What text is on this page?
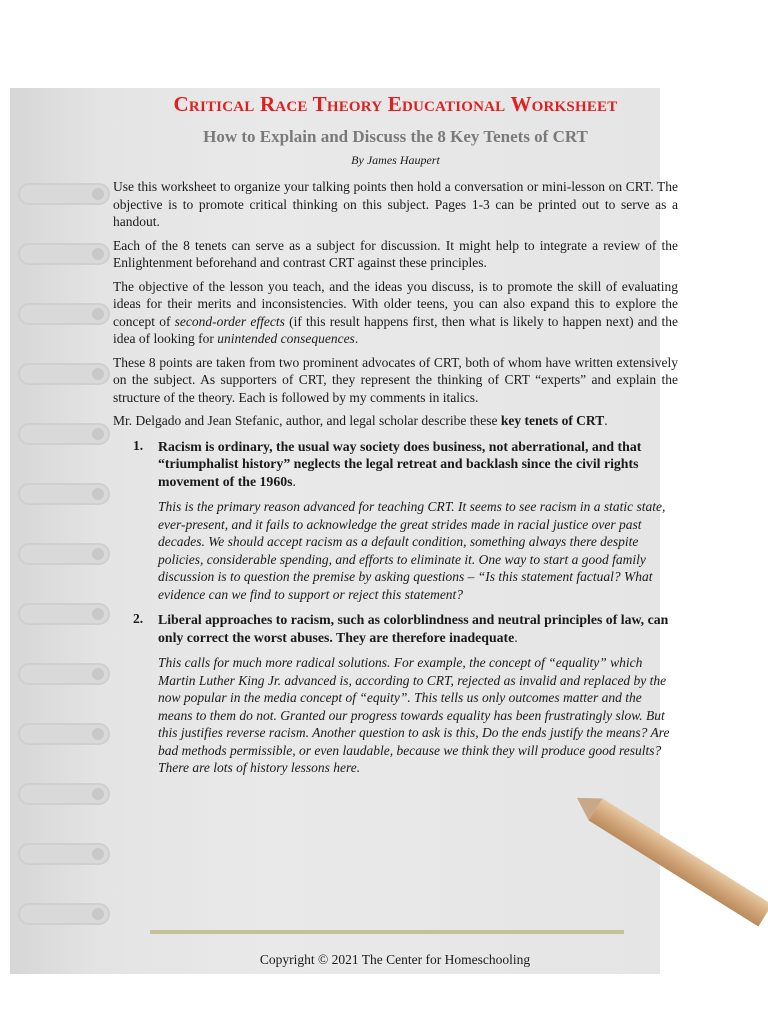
Critical Race Theory Educational Worksheet
How to Explain and Discuss the 8 Key Tenets of CRT
By James Haupert

Use this worksheet to organize your talking points then hold a conversation or mini-lesson on CRT. The objective is to promote critical thinking on this subject. Pages 1-3 can be printed out to serve as a handout.

Each of the 8 tenets can serve as a subject for discussion. It might help to integrate a review of the Enlightenment beforehand and contrast CRT against these principles.

The objective of the lesson you teach, and the ideas you discuss, is to promote the skill of evaluating ideas for their merits and inconsistencies. With older teens, you can also expand this to explore the concept of second-order effects (if this result happens first, then what is likely to happen next) and the idea of looking for unintended consequences.

These 8 points are taken from two prominent advocates of CRT, both of whom have written extensively on the subject. As supporters of CRT, they represent the thinking of CRT “experts” and explain the structure of the theory. Each is followed by my comments in italics.

Mr. Delgado and Jean Stefanic, author, and legal scholar describe these key tenets of CRT.

1. Racism is ordinary, the usual way society does business, not aberrational, and that “triumphalist history” neglects the legal retreat and backlash since the civil rights movement of the 1960s.

This is the primary reason advanced for teaching CRT. It seems to see racism in a static state, ever-present, and it fails to acknowledge the great strides made in racial justice over past decades. We should accept racism as a default condition, something always there despite policies, considerable spending, and efforts to eliminate it. One way to start a good family discussion is to question the premise by asking questions – “Is this statement factual? What evidence can we find to support or reject this statement?

2. Liberal approaches to racism, such as colorblindness and neutral principles of law, can only correct the worst abuses. They are therefore inadequate.

This calls for much more radical solutions. For example, the concept of “equality” which Martin Luther King Jr. advanced is, according to CRT, rejected as invalid and replaced by the now popular in the media concept of “equity”. This tells us only outcomes matter and the means to them do not. Granted our progress towards equality has been frustratingly slow. But this justifies reverse racism. Another question to ask is this, Do the ends justify the means? Are bad methods permissible, or even laudable, because we think they will produce good results? There are lots of history lessons here.

Copyright © 2021 The Center for Homeschooling
